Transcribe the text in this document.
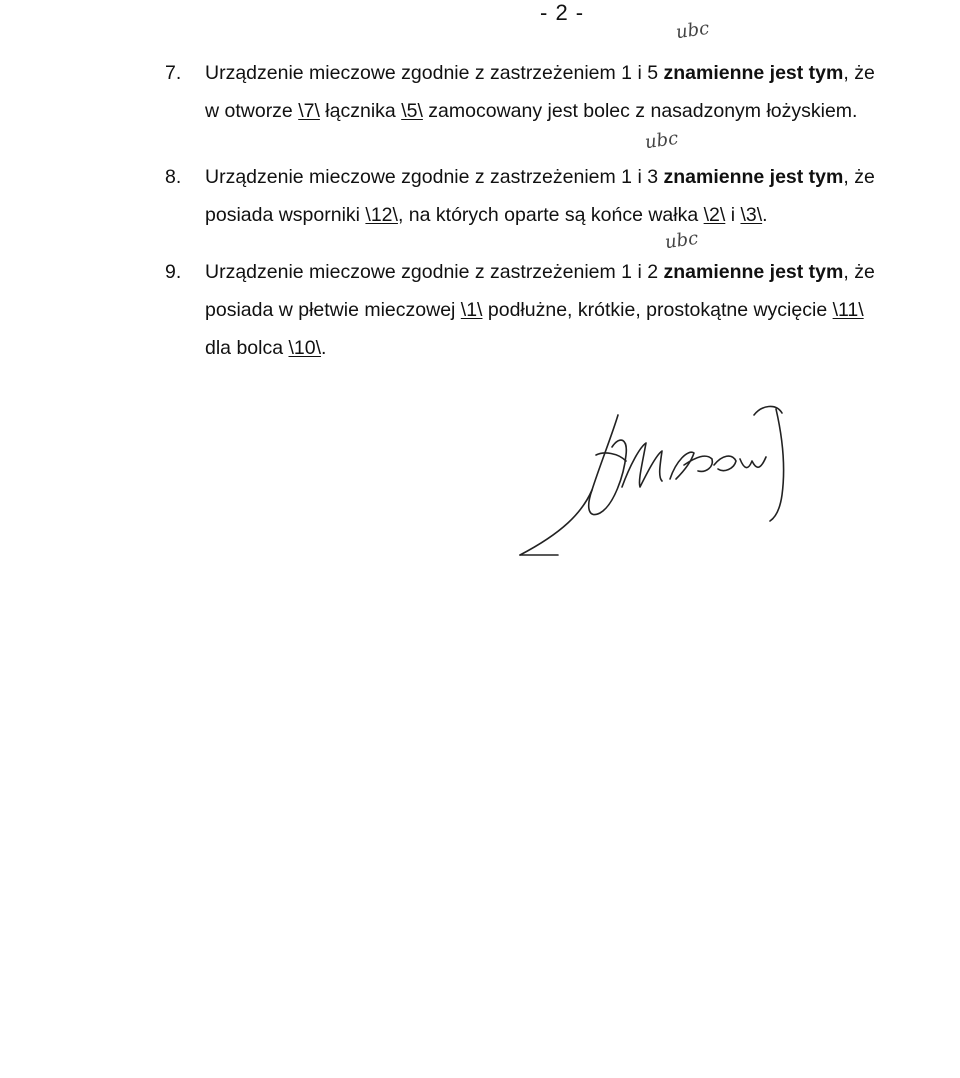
- 2 -
ubc
7. Urządzenie mieczowe zgodnie z zastrzeżeniem 1 i 5 znamienne jest tym, że
w otworze \7\ łącznika \5\ zamocowany jest bolec z nasadzonym łożyskiem.
ubc
8. Urządzenie mieczowe zgodnie z zastrzeżeniem 1 i 3 znamienne jest tym, że
posiada wsporniki \12\, na których oparte są końce wałka \2\ i \3\.
ubc
9. Urządzenie mieczowe zgodnie z zastrzeżeniem 1 i 2 znamienne jest tym, że
posiada w płetwie mieczowej \1\ podłużne, krótkie, prostokątne wycięcie \11\
dla bolca \10\.
